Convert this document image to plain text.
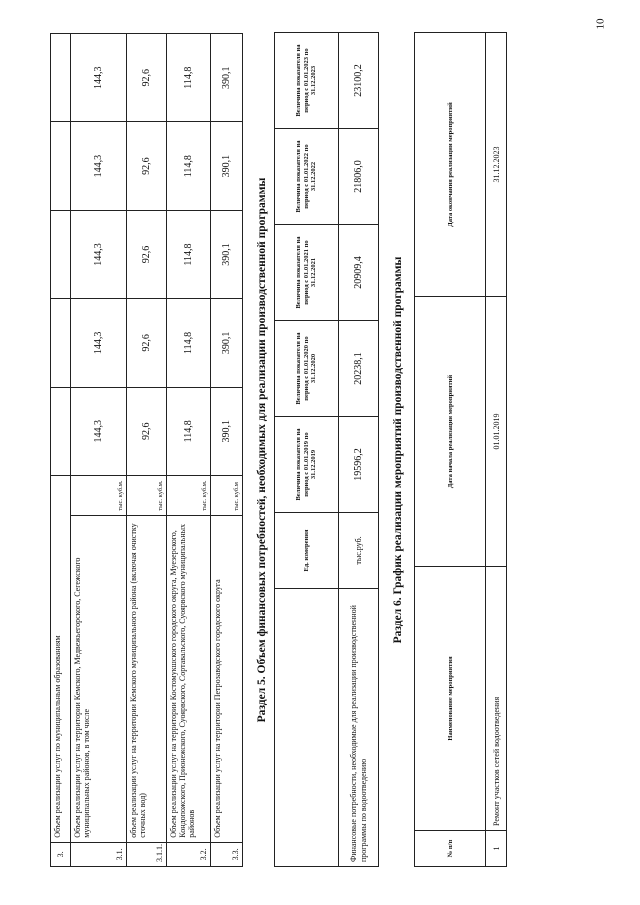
10
3.	Объем реализации услуг по муниципальным образованиям						
3.1.	Объем реализации услуг на территории Кемского, Медвежьегорского, Сегежского муниципальных районов, в том числе	тыс. куб.м.	144,3	144,3	144,3	144,3	144,3
3.1.1.	объем реализации услуг на территории Кемского муниципального района (включая очистку сточных вод)	тыс. куб.м.	92,6	92,6	92,6	92,6	92,6
3.2.	Объем реализации услуг на территории Костомукшского городского округа, Муезерского, Кондопожского, Прионежского, Суоярвского, Сортавальского, Суоярвского муниципальных районов	тыс. куб.м.	114,8	114,8	114,8	114,8	114,8
3.3.	Объем реализации услуг на территории Петрозаводского городского округа	тыс. куб.м	390,1	390,1	390,1	390,1	390,1
Раздел 5. Объем финансовых потребностей, необходимых для реализации производственной программы
		Ед. измерения	Величина показателя на период с 01.01.2019 по 31.12.2019	Величина показателя на период с 01.01.2020 по 31.12.2020	Величина показателя на период с 01.01.2021 по 31.12.2021	Величина показателя на период с 01.01.2022 по 31.12.2022	Величина показателя на период с 01.01.2023 по 31.12.2023
Финансовые потребности, необходимые для реализации производственной программы по водоотведению	тыс.руб.	19596,2	20238,1	20909,4	21806,0	23100,2
Раздел 6. График реализации мероприятий производственной программы
№ п/п	Наименование мероприятия	Дата начала реализации мероприятий	Дата окончания реализации мероприятий
1	Ремонт участков сетей водоотведения	01.01.2019	31.12.2023
